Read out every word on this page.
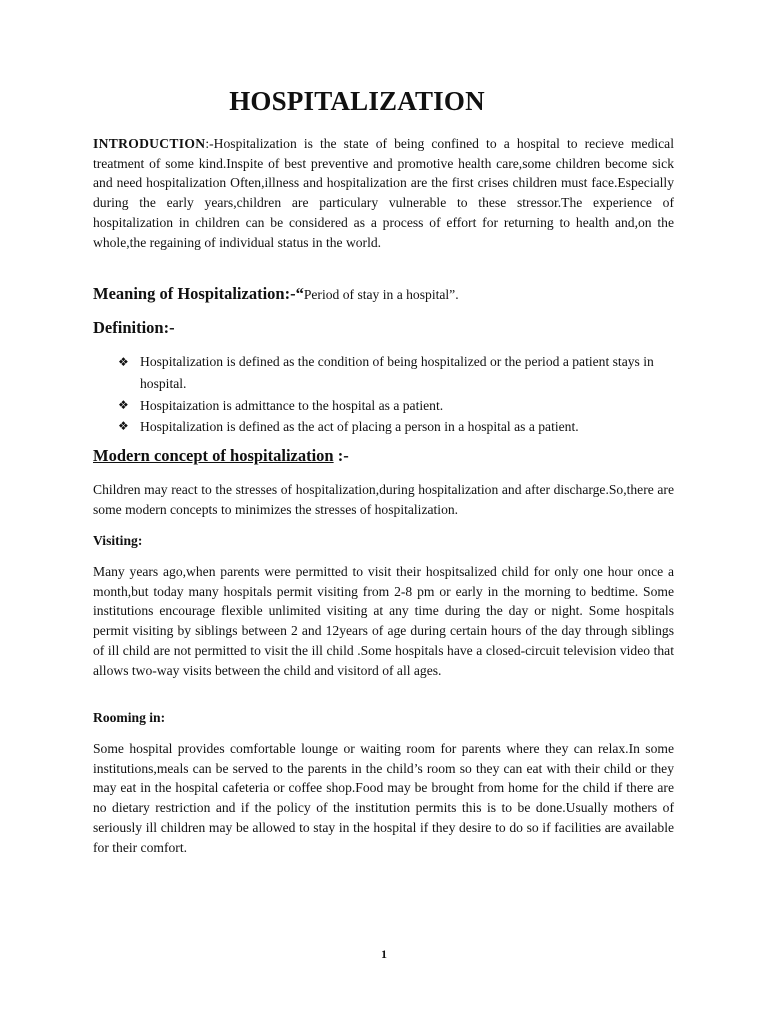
HOSPITALIZATION
INTRODUCTION:-Hospitalization is the state of being confined to a hospital to recieve medical treatment of some kind.Inspite of best preventive and promotive health care,some children become sick and need hospitalization Often,illness and hospitalization are the first crises children must face.Especially during the early years,children are particulary vulnerable to these stressor.The experience of hospitalization in children can be considered as a process of effort for returning to health and,on the whole,the regaining of individual status in the world.
Meaning of Hospitalization:-“Period of stay in a hospital”.
Definition:-
❖ Hospitalization is defined as the condition of being hospitalized or the period a patient stays in hospital.
❖ Hospitaization is admittance to the hospital as a patient.
❖ Hospitalization is defined as the act of placing a person in a hospital as a patient.
Modern concept of hospitalization :-
Children may react to the stresses of hospitalization,during hospitalization and after discharge.So,there are some modern concepts to minimizes the stresses of hospitalization.
Visiting:
Many years ago,when parents were permitted to visit their hospitsalized child for only one hour once a month,but today many hospitals permit visiting from 2-8 pm or early in the morning to bedtime. Some institutions encourage flexible unlimited visiting at any time during the day or night. Some hospitals permit visiting by siblings between 2 and 12years of age during certain hours of the day through siblings of ill child are not permitted to visit the ill child .Some hospitals have a closed-circuit television video that allows two-way visits between the child and visitord of all ages.
Rooming in:
Some hospital provides comfortable lounge or waiting room for parents where they can relax.In some institutions,meals can be served to the parents in the child’s room so they can eat with their child or they may eat in the hospital cafeteria or coffee shop.Food may be brought from home for the child if there are no dietary restriction and if the policy of the institution permits this is to be done.Usually mothers of seriously ill children may be allowed to stay in the hospital if they desire to do so if facilities are available for their comfort.
1
